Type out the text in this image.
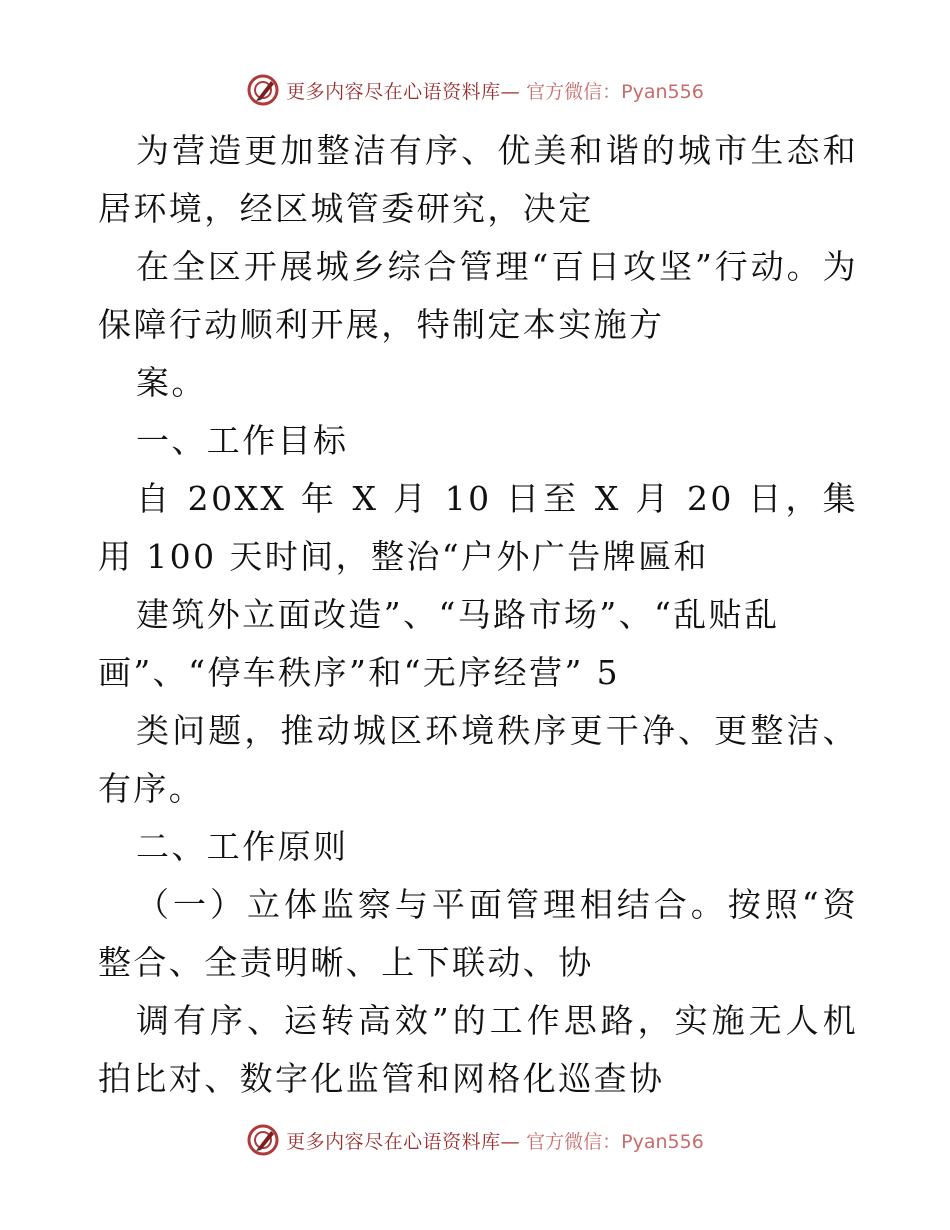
更多内容尽在心语资料库— 官方微信：Pyan556
为营造更加整洁有序、优美和谐的城市生态和
居环境，经区城管委研究，决定
在全区开展城乡综合管理“百日攻坚”行动。为
保障行动顺利开展，特制定本实施方
案。
一、工作目标
自 20XX 年 X 月 10 日至 X 月 20 日，集
用 100 天时间，整治“户外广告牌匾和
建筑外立面改造”、“马路市场”、“乱贴乱
画”、“停车秩序”和“无序经营” 5
类问题，推动城区环境秩序更干净、更整洁、
有序。
二、工作原则
（一）立体监察与平面管理相结合。按照“资
整合、全责明晰、上下联动、协
调有序、运转高效”的工作思路，实施无人机
拍比对、数字化监管和网格化巡查协
更多内容尽在心语资料库— 官方微信：Pyan556
